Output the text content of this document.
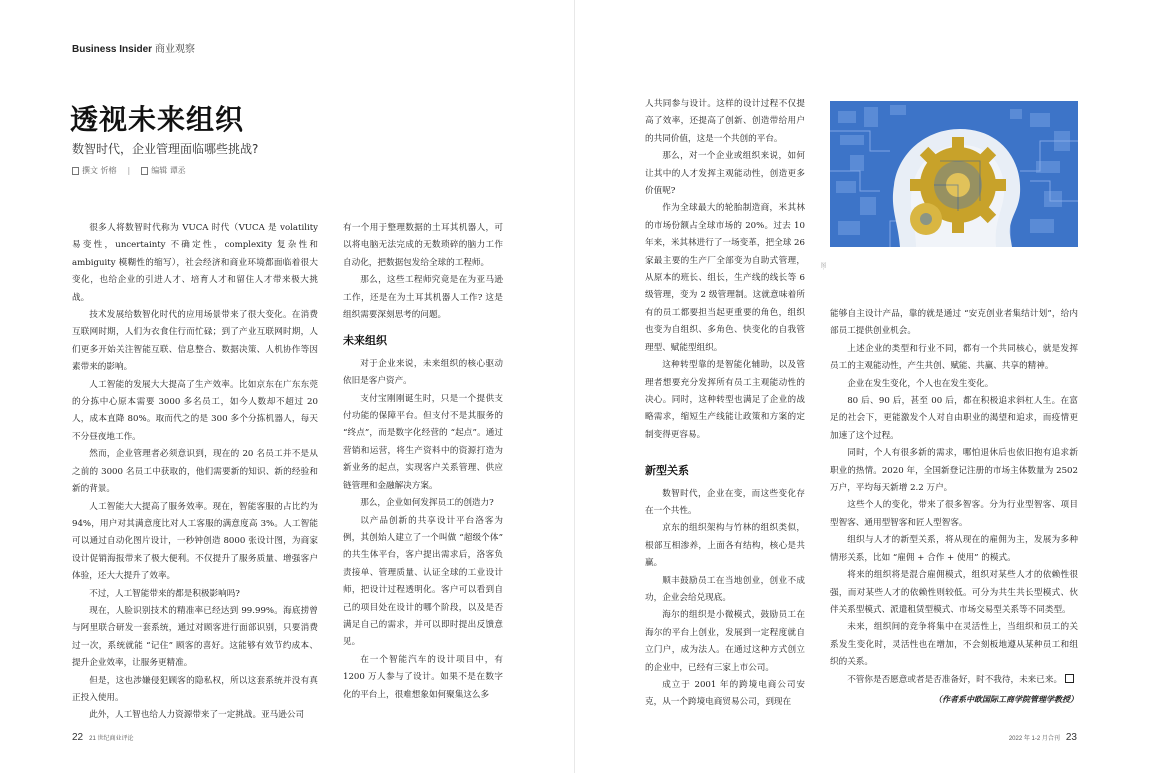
Business Insider 商业观察
透视未来组织
数智时代，企业管理面临哪些挑战?
撰文 忻榕 |	编辑 谭丞

很多人将数智时代称为 VUCA 时代（VUCA 是 volatility 易变性，uncertainty 不确定性，complexity 复杂性和 ambiguity 模糊性的缩写），社会经济和商业环境都面临着很大变化，也给企业的引进人才、培育人才和留住人才带来极大挑战。

技术发展给数智化时代的应用场景带来了很大变化。在消费互联网时期，人们为衣食住行而忙碌；到了产业互联网时期，人们更多开始关注智能互联、信息整合、数据决策、人机协作等因素带来的影响。

人工智能的发展大大提高了生产效率。比如京东在广东东莞的分拣中心原本需要 3000 多名员工，如今人数却不超过 20 人，成本直降 80%。取而代之的是 300 多个分拣机器人，每天不分昼夜地工作。

然而，企业管理者必须意识到，现在的 20 名员工并不是从之前的 3000 名员工中获取的，他们需要新的知识、新的经验和新的背景。

人工智能大大提高了服务效率。现在，智能客服的占比约为 94%，用户对其满意度比对人工客服的满意度高 3%。人工智能可以通过自动化图片设计，一秒钟创造 8000 张设计图，为商家设计促销海报带来了极大便利。不仅提升了服务质量、增强客户体验，还大大提升了效率。

不过，人工智能带来的都是积极影响吗?

现在，人脸识别技术的精准率已经达到 99.99%。海底捞曾与阿里联合研发一套系统，通过对顾客进行面部识别，只要消费过一次，系统就能 “记住” 顾客的喜好。这能够有效节约成本、提升企业效率，让服务更精准。

但是，这也涉嫌侵犯顾客的隐私权，所以这套系统并没有真正投入使用。

此外，人工智也给人力资源带来了一定挑战。亚马逊公司

有一个用于整理数据的土耳其机器人，可以将电脑无法完成的无数琐碎的脑力工作自动化，把数据包发给全球的工程师。

那么，这些工程师究竟是在为亚马逊工作，还是在为土耳其机器人工作? 这是组织需要深刻思考的问题。

未来组织

对于企业来说，未来组织的核心驱动依旧是客户资产。

支付宝刚刚诞生时，只是一个提供支付功能的保障平台。但支付不是其服务的 “终点”，而是数字化经营的 “起点”。通过营销和运营，将生产资料中的资源打造为新业务的起点，实现客户关系管理、供应链管理和金融解决方案。

那么，企业如何发挥员工的创造力?

以产品创新的共享设计平台洛客为例，其创始人建立了一个叫做 “超级个体” 的共生体平台，客户提出需求后，洛客负责接单、管理质量、认证全球的工业设计师，把设计过程透明化。客户可以看到自己的项目处在设计的哪个阶段，以及是否满足自己的需求，并可以即时提出反馈意见。

在一个智能汽车的设计项目中，有 1200 万人参与了设计。如果不是在数字化的平台上，很难想象如何聚集这么多

人共同参与设计。这样的设计过程不仅提高了效率，还提高了创新、创造带给用户的共同价值，这是一个共创的平台。

那么，对一个企业或组织来说，如何让其中的人才发挥主观能动性，创造更多价值呢?

作为全球最大的轮胎制造商，米其林的市场份额占全球市场的 20%。过去 10 年来，米其林进行了一场变革，把全球 26 家最主要的生产厂全部变为自助式管理，从原本的班长、组长，生产线的线长等 6 级管理，变为 2 级管理制。这就意味着所有的员工都要担当起更重要的角色，组织也变为自组织、多角色、快变化的自我管理型、赋能型组织。

这种转型靠的是智能化辅助，以及管理者想要充分发挥所有员工主观能动性的决心。同时，这种转型也满足了企业的战略需求，缩短生产线能让政策和方案的定制变得更容易。

新型关系

数智时代，企业在变，而这些变化存在一个共性。

京东的组织架构与竹林的组织类似，根部互相渗养，上面各有结构，核心是共赢。

顺丰鼓励员工在当地创业，创业不成功，企业会给兑现底。

海尔的组织是小微模式，鼓励员工在海尔的平台上创业，发展到一定程度就自立门户，成为法人。在通过这种方式创立的企业中，已经有三家上市公司。

成立于 2001 年的跨境电商公司安克，从一个跨境电商贸易公司，到现在

图·

能够自主设计产品，靠的就是通过 “安克创业者集结计划”，给内部员工提供创业机会。

上述企业的类型和行业不同，都有一个共同核心，就是发挥员工的主观能动性，产生共创、赋能、共赢、共享的精神。

企业在发生变化，个人也在发生变化。

80 后、90 后，甚至 00 后，都在积极追求斜杠人生。在富足的社会下，更能激发个人对自由职业的渴望和追求，而疫情更加速了这个过程。

同时，个人有很多新的需求，哪怕退休后也依旧抱有追求新职业的热情。2020 年，全国新登记注册的市场主体数量为 2502 万户，平均每天新增 2.2 万户。

这些个人的变化，带来了很多智客。分为行业型智客、项目型智客、通用型智客和匠人型智客。

组织与人才的新型关系，将从现在的雇佣为主，发展为多种情形关系，比如 “雇佣 + 合作 + 使用” 的模式。

将来的组织将是混合雇佣模式，组织对某些人才的依赖性很强，而对某些人才的依赖性则较低。可分为共生共长型模式、伙伴关系型模式、派遣租赁型模式、市场交易型关系等不同类型。

未来，组织间的竞争将集中在灵活性上，当组织和员工的关系发生变化时，灵活性也在增加，不会刻板地遵从某种员工和组织的关系。

不管你是否愿意或者是否准备好，时不我待，未来已来。

（作者系中欧国际工商学院管理学教授）

22 21 世纪商业评论	2022 年 1-2 月合刊 23
